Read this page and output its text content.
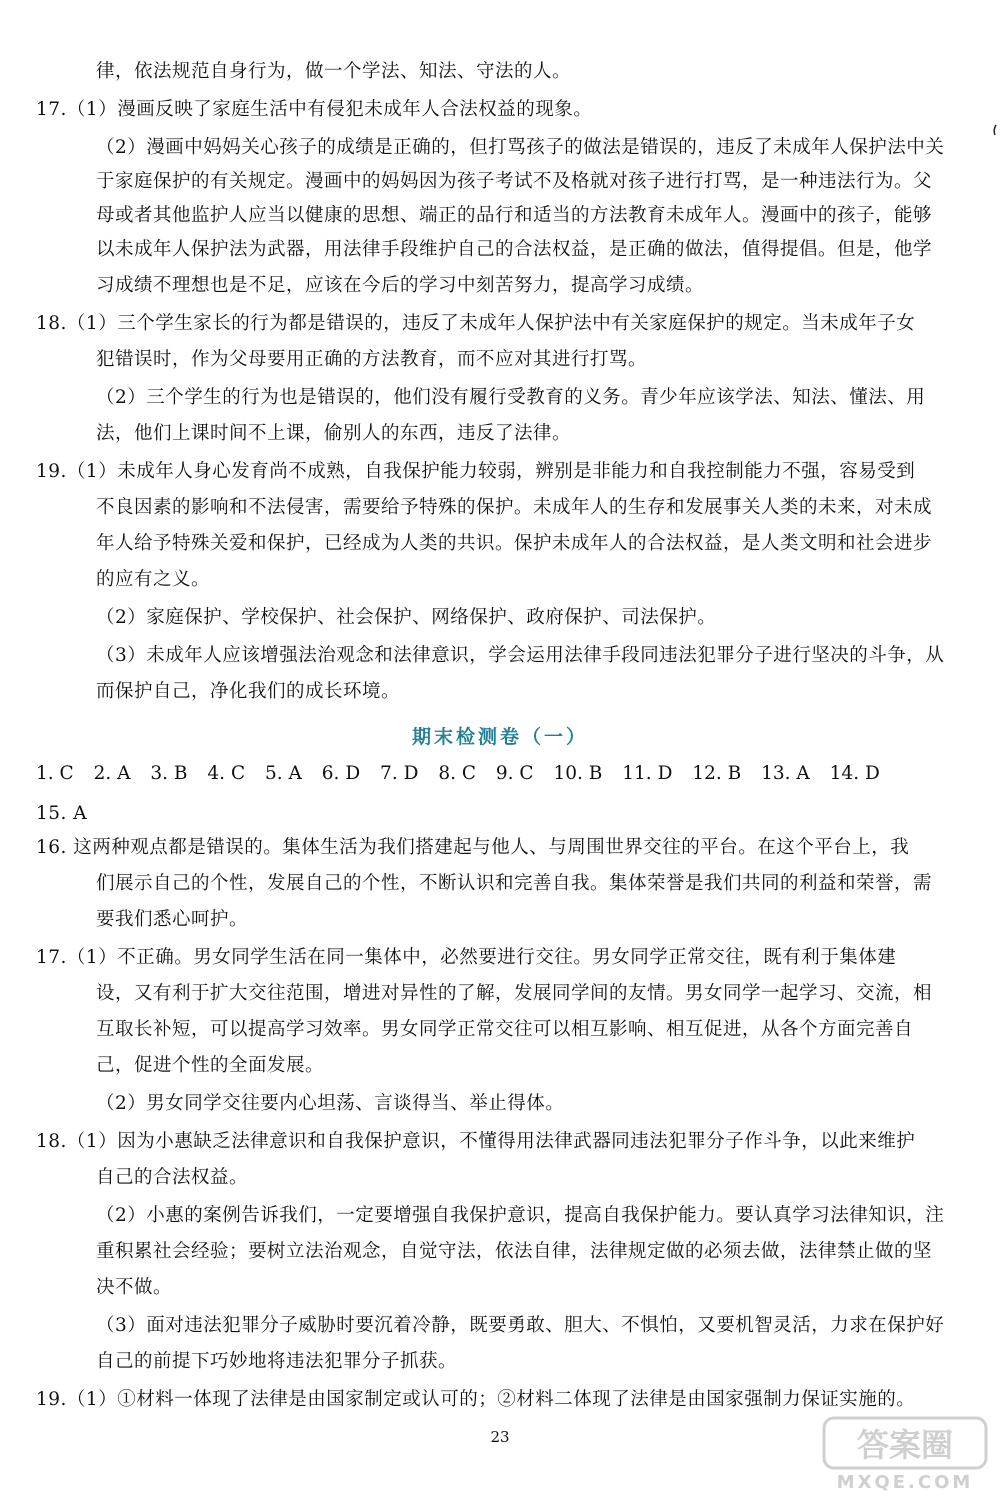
律，依法规范自身行为，做一个学法、知法、守法的人。
17.（1）漫画反映了家庭生活中有侵犯未成年人合法权益的现象。
（2）漫画中妈妈关心孩子的成绩是正确的，但打骂孩子的做法是错误的，违反了未成年人保护法中关
于家庭保护的有关规定。漫画中的妈妈因为孩子考试不及格就对孩子进行打骂，是一种违法行为。父
母或者其他监护人应当以健康的思想、端正的品行和适当的方法教育未成年人。漫画中的孩子，能够
以未成年人保护法为武器，用法律手段维护自己的合法权益，是正确的做法，值得提倡。但是，他学
习成绩不理想也是不足，应该在今后的学习中刻苦努力，提高学习成绩。
18.（1）三个学生家长的行为都是错误的，违反了未成年人保护法中有关家庭保护的规定。当未成年子女
犯错误时，作为父母要用正确的方法教育，而不应对其进行打骂。
（2）三个学生的行为也是错误的，他们没有履行受教育的义务。青少年应该学法、知法、懂法、用
法，他们上课时间不上课，偷别人的东西，违反了法律。
19.（1）未成年人身心发育尚不成熟，自我保护能力较弱，辨别是非能力和自我控制能力不强，容易受到
不良因素的影响和不法侵害，需要给予特殊的保护。未成年人的生存和发展事关人类的未来，对未成
年人给予特殊关爱和保护，已经成为人类的共识。保护未成年人的合法权益，是人类文明和社会进步
的应有之义。
（2）家庭保护、学校保护、社会保护、网络保护、政府保护、司法保护。
（3）未成年人应该增强法治观念和法律意识，学会运用法律手段同违法犯罪分子进行坚决的斗争，从
而保护自己，净化我们的成长环境。
期末检测卷（一）
1. C 2. A 3. B 4. C 5. A 6. D 7. D 8. C 9. C 10. B 11. D 12. B 13. A 14. D
15. A
16. 这两种观点都是错误的。集体生活为我们搭建起与他人、与周围世界交往的平台。在这个平台上，我
们展示自己的个性，发展自己的个性，不断认识和完善自我。集体荣誉是我们共同的利益和荣誉，需
要我们悉心呵护。
17.（1）不正确。男女同学生活在同一集体中，必然要进行交往。男女同学正常交往，既有利于集体建
设，又有利于扩大交往范围，增进对异性的了解，发展同学间的友情。男女同学一起学习、交流，相
互取长补短，可以提高学习效率。男女同学正常交往可以相互影响、相互促进，从各个方面完善自
己，促进个性的全面发展。
（2）男女同学交往要内心坦荡、言谈得当、举止得体。
18.（1）因为小惠缺乏法律意识和自我保护意识，不懂得用法律武器同违法犯罪分子作斗争，以此来维护
自己的合法权益。
（2）小惠的案例告诉我们，一定要增强自我保护意识，提高自我保护能力。要认真学习法律知识，注
重积累社会经验；要树立法治观念，自觉守法，依法自律，法律规定做的必须去做，法律禁止做的坚
决不做。
（3）面对违法犯罪分子威胁时要沉着冷静，既要勇敢、胆大、不惧怕，又要机智灵活，力求在保护好
自己的前提下巧妙地将违法犯罪分子抓获。
19.（1）①材料一体现了法律是由国家制定或认可的；②材料二体现了法律是由国家强制力保证实施的。
23	答案圈
MXQE.COM
